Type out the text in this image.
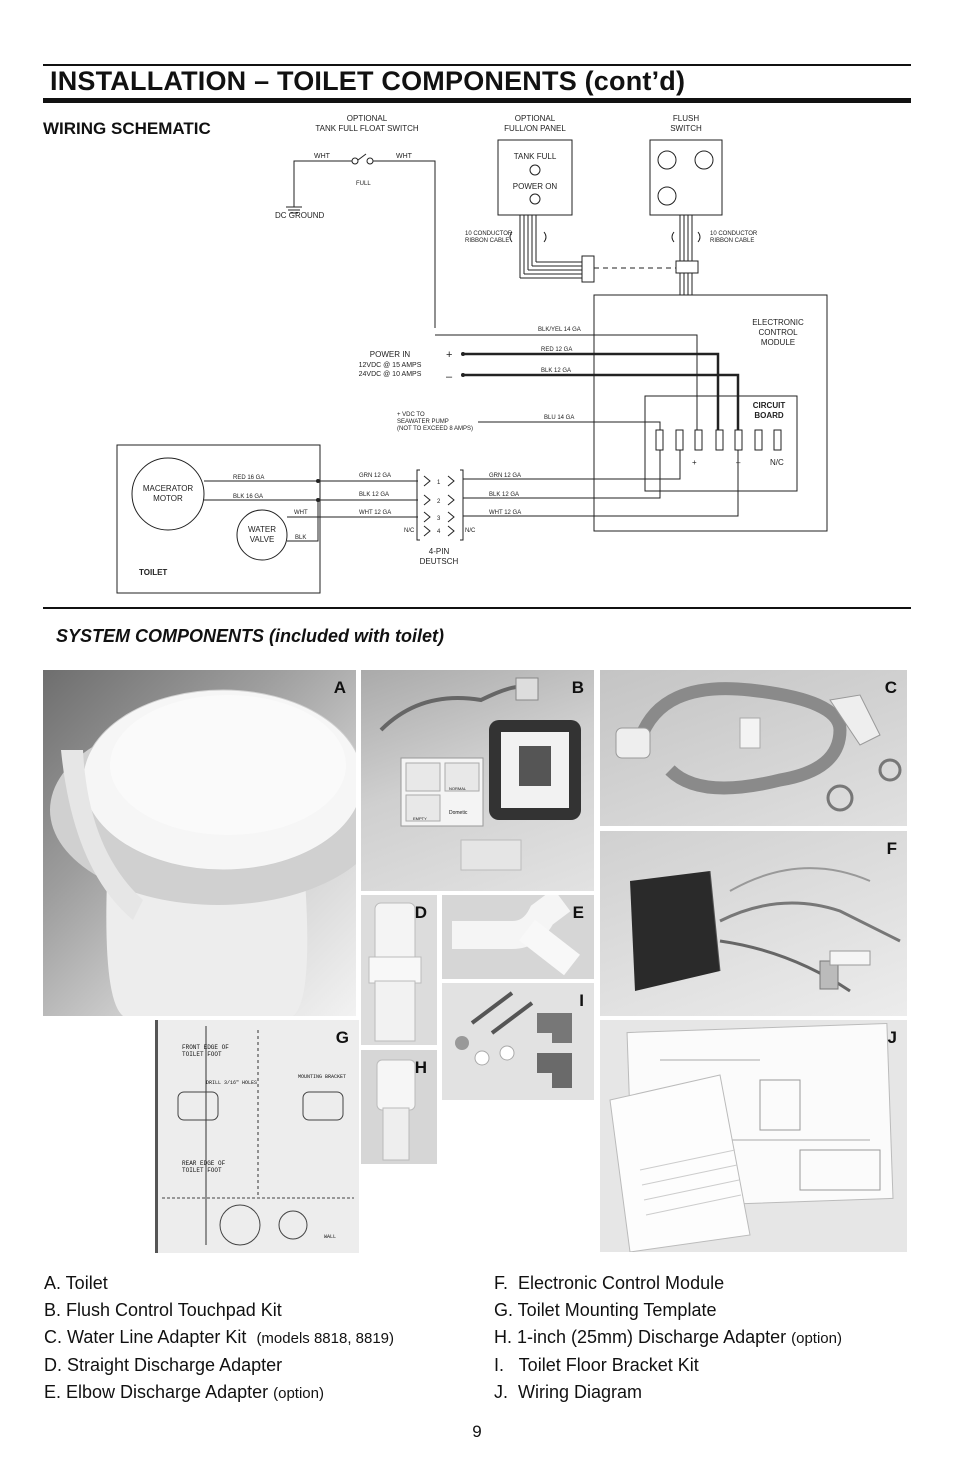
INSTALLATION – TOILET COMPONENTS (cont’d)
WIRING SCHEMATIC
OPTIONAL
TANK FULL FLOAT SWITCH
WHT	WHT
FULL
DC GROUND
OPTIONAL
FULL/ON PANEL
TANK FULL
POWER ON
10 CONDUCTOR
RIBBON CABLE
FLUSH
SWITCH
10 CONDUCTOR
RIBBON CABLE
ELECTRONIC
CONTROL
MODULE
CIRCUIT
BOARD
+	–	N/C
BLK/YEL 14 GA
RED 12 GA
BLK 12 GA
BLU 14 GA
POWER IN
12VDC @ 15 AMPS
24VDC @ 10 AMPS
+
–
+ VDC TO
SEAWATER PUMP
(NOT TO EXCEED 8 AMPS)
TOILET
MACERATOR
MOTOR
WATER
VALVE
RED 16 GA
BLK 16 GA
WHT
BLK
GRN 12 GA
BLK 12 GA
WHT 12 GA
GRN 12 GA
BLK 12 GA
WHT 12 GA
1
2
3
4
N/C	N/C
4-PIN
DEUTSCH
SYSTEM COMPONENTS (included with toilet)
A
NORMAL
EMPTY
Dometic
B	C
F
D	E
I
H
FRONT EDGE OF TOILET FOOT
DRILL 3/16" HOLES
MOUNTING BRACKET
REAR EDGE OF TOILET FOOT
WALL
G	J
A. Toilet
B. Flush Control Touchpad Kit
C. Water Line Adapter Kit  (models 8818, 8819)
D. Straight Discharge Adapter
E. Elbow Discharge Adapter (option)
F.  Electronic Control Module
G. Toilet Mounting Template
H. 1-inch (25mm) Discharge Adapter (option)
I.   Toilet Floor Bracket Kit
J.  Wiring Diagram
9
